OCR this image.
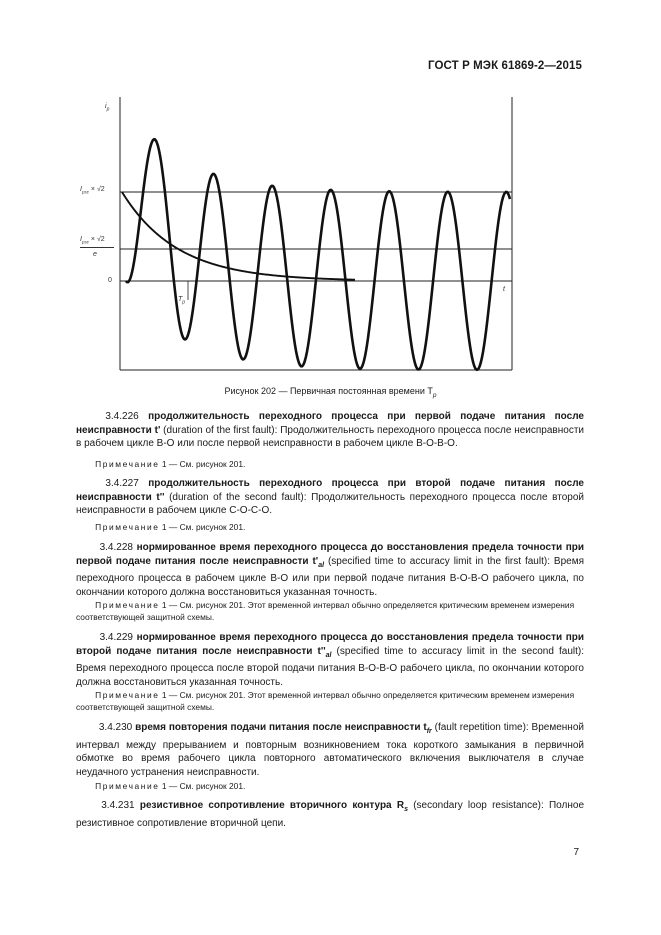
ГОСТ Р МЭК 61869-2—2015
$i_p$
t
0
$T_p$
$I_{psc} \times √2$
$I_{psc} \times √2$
e
Рисунок 202 — Первичная постоянная времени $T_p$

   3.4.226 продолжительность переходного процесса при первой подаче питания после неисправности t' (duration of the first fault): Продолжительность переходного процесса после неисправности в рабочем цикле В-О или после первой неисправности в рабочем цикле В-О-В-О.

   Примечание 1 — См. рисунок 201.

   3.4.227 продолжительность переходного процесса при второй подаче питания после неисправности t'' (duration of the second fault): Продолжительность переходного процесса после второй неисправности в рабочем цикле С-О-С-О.

   Примечание 1 — См. рисунок 201.

   3.4.228 нормированное время переходного процесса до восстановления предела точности при первой подаче питания после неисправности $t'_{al}$ (specified time to accuracy limit in the first fault): Время переходного процесса в рабочем цикле В-О или при первой подаче питания В-О-В-О рабочего цикла, по окончании которого должна восстановиться указанная точность.

   Примечание 1 — См. рисунок 201. Этот временной интервал обычно определяется критическим временем измерения соответствующей защитной схемы.

   3.4.229 нормированное время переходного процесса до восстановления предела точности при второй подаче питания после неисправности $t''_{al}$ (specified time to accuracy limit in the second fault): Время переходного процесса после второй подачи питания В-О-В-О рабочего цикла, по окончании которого должна восстановиться указанная точность.

   Примечание 1 — См. рисунок 201. Этот временной интервал обычно определяется критическим временем измерения соответствующей защитной схемы.

   3.4.230 время повторения подачи питания после неисправности $t_{fr}$ (fault repetition time): Временной интервал между прерыванием и повторным возникновением тока короткого замыкания в первичной обмотке во время рабочего цикла повторного автоматического включения выключателя в случае неудачного устранения неисправности.

   Примечание 1 — См. рисунок 201.

   3.4.231 резистивное сопротивление вторичного контура $R_s$ (secondary loop resistance): Полное резистивное сопротивление вторичной цепи.

7
